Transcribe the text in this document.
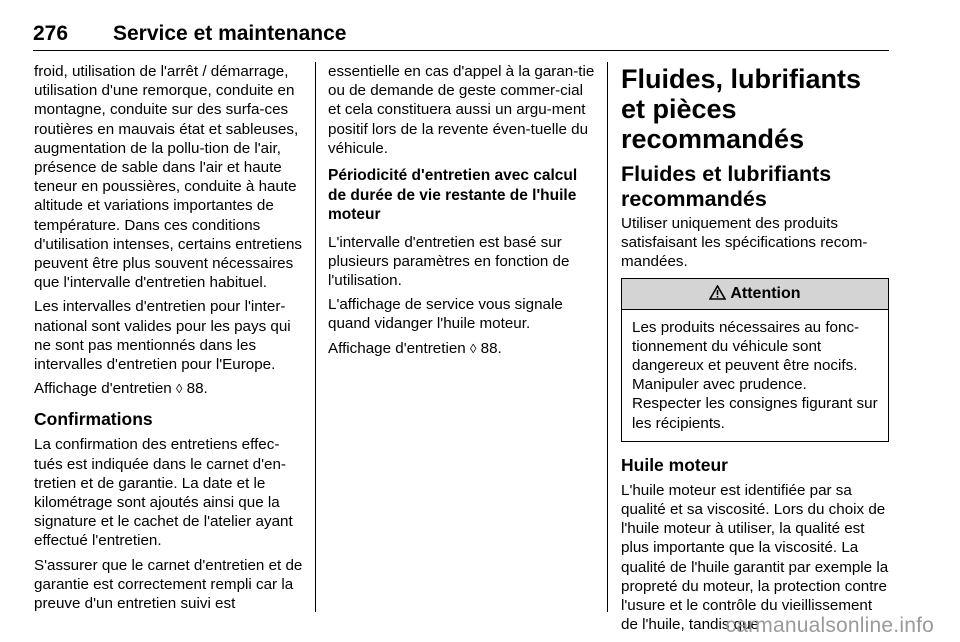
276 Service et maintenance

froid, utilisation de l'arrêt / démarrage, utilisation d'une remorque, conduite en montagne, conduite sur des surfa-ces routières en mauvais état et sableuses, augmentation de la pollu-tion de l'air, présence de sable dans l'air et haute teneur en poussières, conduite à haute altitude et variations importantes de température. Dans ces conditions d'utilisation intenses, certains entretiens peuvent être plus souvent nécessaires que l'intervalle d'entretien habituel.

Les intervalles d'entretien pour l'inter-national sont valides pour les pays qui ne sont pas mentionnés dans les intervalles d'entretien pour l'Europe.

Affichage d'entretien ◊ 88.

Confirmations

La confirmation des entretiens effec-tués est indiquée dans le carnet d'en-tretien et de garantie. La date et le kilométrage sont ajoutés ainsi que la signature et le cachet de l'atelier ayant effectué l'entretien.

S'assurer que le carnet d'entretien et de garantie est correctement rempli car la preuve d'un entretien suivi est

essentielle en cas d'appel à la garan-tie ou de demande de geste commer-cial et cela constituera aussi un argu-ment positif lors de la revente éven-tuelle du véhicule.

Périodicité d'entretien avec calcul de durée de vie restante de l'huile moteur

L'intervalle d'entretien est basé sur plusieurs paramètres en fonction de l'utilisation.

L'affichage de service vous signale quand vidanger l'huile moteur.

Affichage d'entretien ◊ 88.

Fluides, lubrifiants et pièces recommandés
Fluides et lubrifiants recommandés

Utiliser uniquement des produits satisfaisant les spécifications recom-mandées.

Attention

Les produits nécessaires au fonc-tionnement du véhicule sont dangereux et peuvent être nocifs. Manipuler avec prudence. Respecter les consignes figurant sur les récipients.

Huile moteur

L'huile moteur est identifiée par sa qualité et sa viscosité. Lors du choix de l'huile moteur à utiliser, la qualité est plus importante que la viscosité. La qualité de l'huile garantit par exemple la propreté du moteur, la protection contre l'usure et le contrôle du vieillissement de l'huile, tandis que

carmanualsonline.info
